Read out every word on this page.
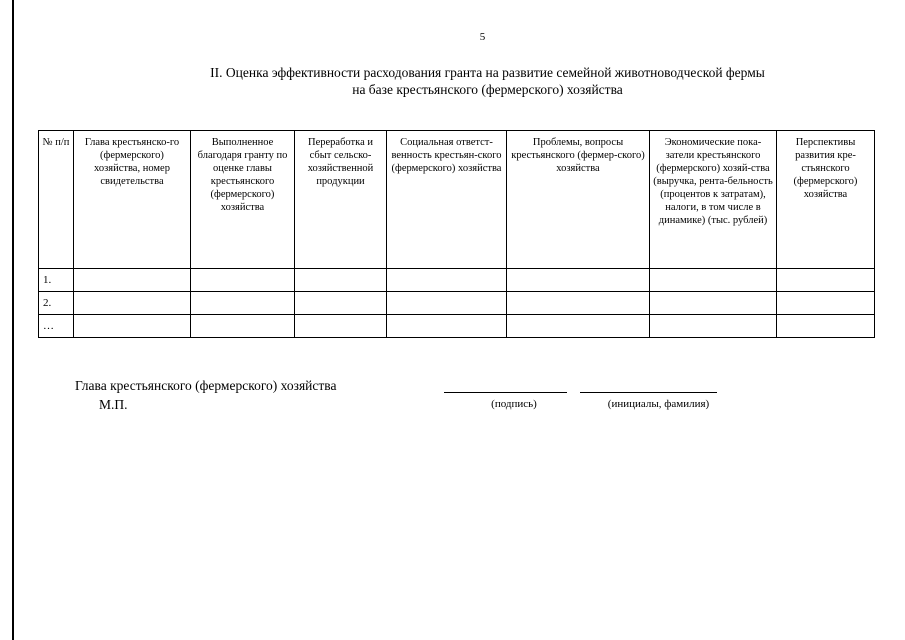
5
II. Оценка эффективности расходования гранта на развитие семейной животноводческой фермы
на базе крестьянского (фермерского) хозяйства
№ п/п	Глава крестьянско-го (фермерского) хозяйства, номер свидетельства	Выполненное благодаря гранту по оценке главы крестьянского (фермерского) хозяйства	Переработка и сбыт сельско-хозяйственной продукции	Социальная ответст-венность крестьян-ского (фермерского) хозяйства	Проблемы, вопросы крестьянского (фермер-ского) хозяйства	Экономические пока-затели крестьянского (фермерского) хозяй-ства (выручка, рента-бельность (процентов к затратам), налоги, в том числе в динамике) (тыс. рублей)	Перспективы развития кре-стьянского (фермерского) хозяйства
1.							
2.							
…							
Глава крестьянского (фермерского) хозяйства
М.П.	(подпись)	(инициалы, фамилия)
